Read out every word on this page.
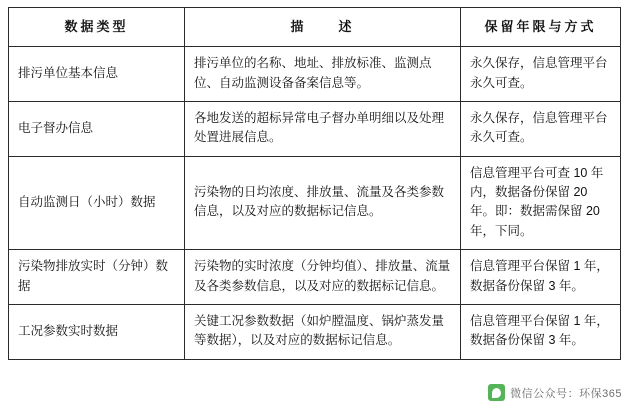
数据类型	描　　述	保留年限与方式
排污单位基本信息	排污单位的名称、地址、排放标准、监测点位、自动监测设备备案信息等。	永久保存，信息管理平台永久可查。
电子督办信息	各地发送的超标异常电子督办单明细以及处理处置进展信息。	永久保存，信息管理平台永久可查。
自动监测日（小时）数据	污染物的日均浓度、排放量、流量及各类参数信息，以及对应的数据标记信息。	信息管理平台可查 10 年内，数据备份保留 20 年。即：数据需保留 20 年，下同。
污染物排放实时（分钟）数据	污染物的实时浓度（分钟均值）、排放量、流量及各类参数信息，以及对应的数据标记信息。	信息管理平台保留 1 年，数据备份保留 3 年。
工况参数实时数据	关键工况参数数据（如炉膛温度、锅炉蒸发量等数据），以及对应的数据标记信息。	信息管理平台保留 1 年，数据备份保留 3 年。
微信公众号：环保365
